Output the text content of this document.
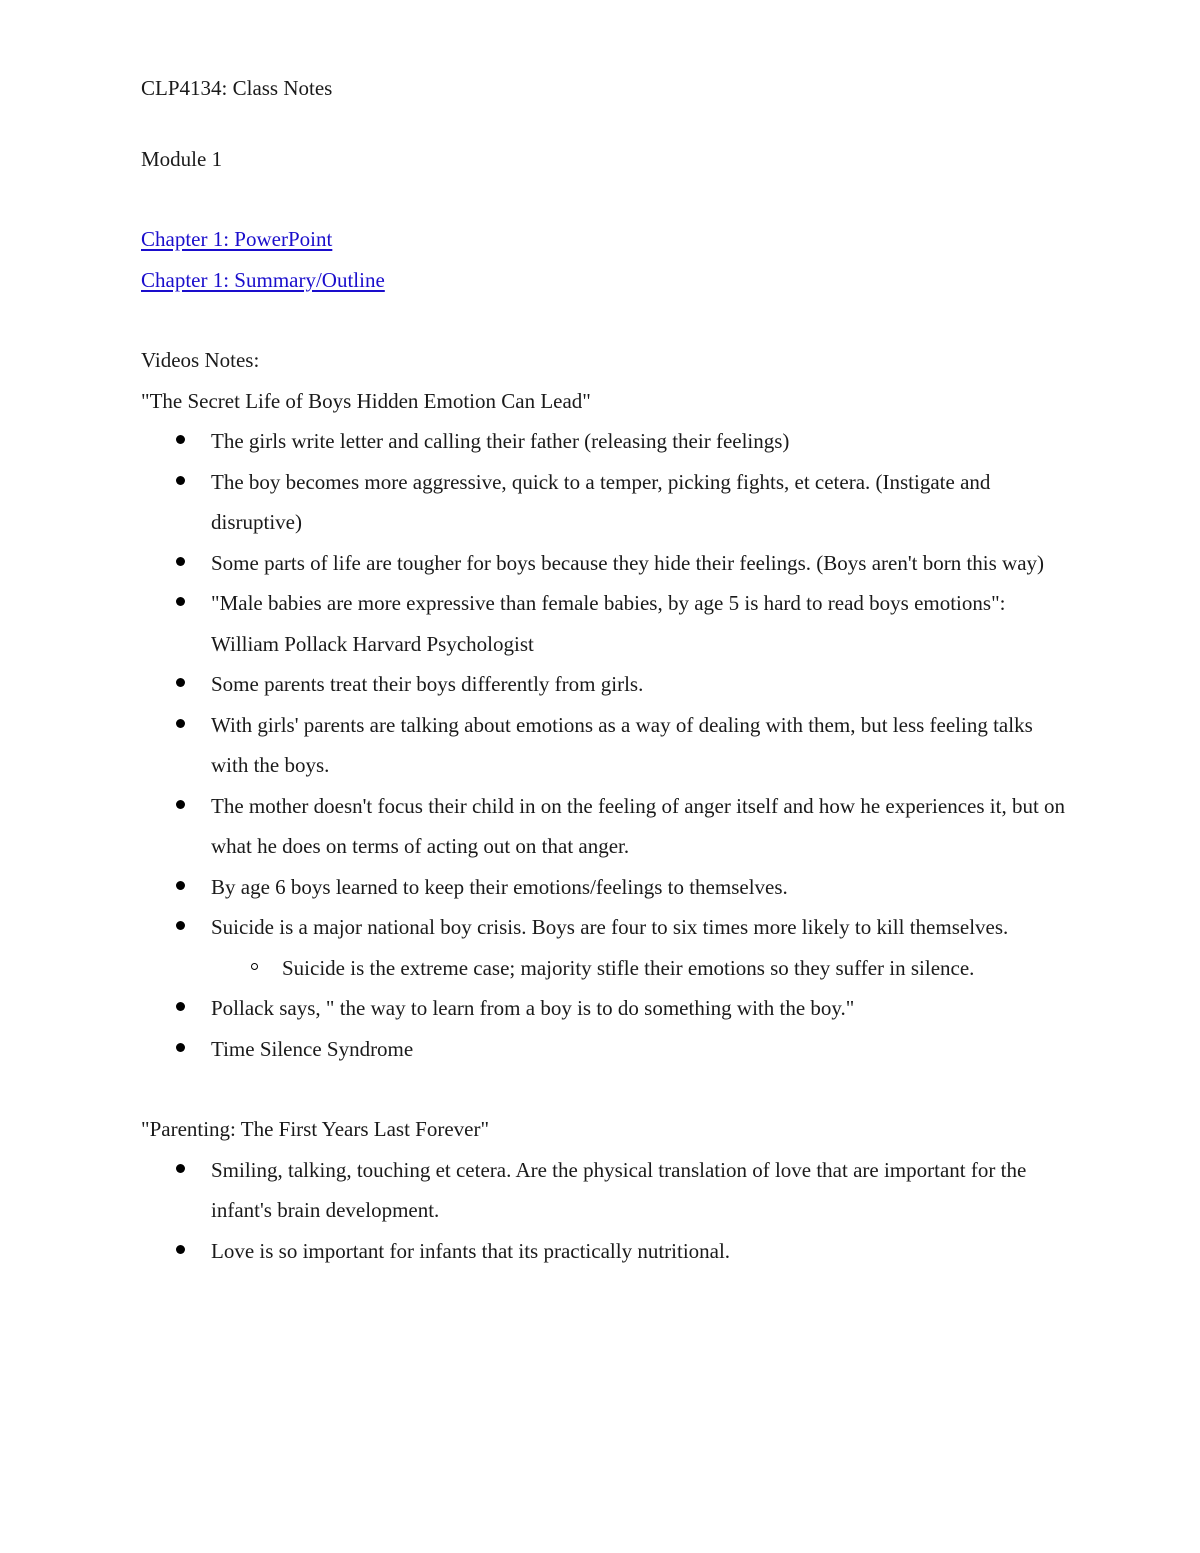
CLP4134: Class Notes
Module 1
Chapter 1: PowerPoint
Chapter 1: Summary/Outline
Videos Notes:
"The Secret Life of Boys Hidden Emotion Can Lead"
The girls write letter and calling their father (releasing their feelings)
The boy becomes more aggressive, quick to a temper, picking fights, et cetera. (Instigate and disruptive)
Some parts of life are tougher for boys because they hide their feelings. (Boys aren't born this way)
"Male babies are more expressive than female babies, by age 5 is hard to read boys emotions": William Pollack Harvard Psychologist
Some parents treat their boys differently from girls.
With girls' parents are talking about emotions as a way of dealing with them, but less feeling talks with the boys.
The mother doesn't focus their child in on the feeling of anger itself and how he experiences it, but on what he does on terms of acting out on that anger.
By age 6 boys learned to keep their emotions/feelings to themselves.
Suicide is a major national boy crisis. Boys are four to six times more likely to kill themselves.
Suicide is the extreme case; majority stifle their emotions so they suffer in silence.
Pollack says, " the way to learn from a boy is to do something with the boy."
Time Silence Syndrome
"Parenting: The First Years Last Forever"
Smiling, talking, touching et cetera. Are the physical translation of love that are important for the infant's brain development.
Love is so important for infants that its practically nutritional.
